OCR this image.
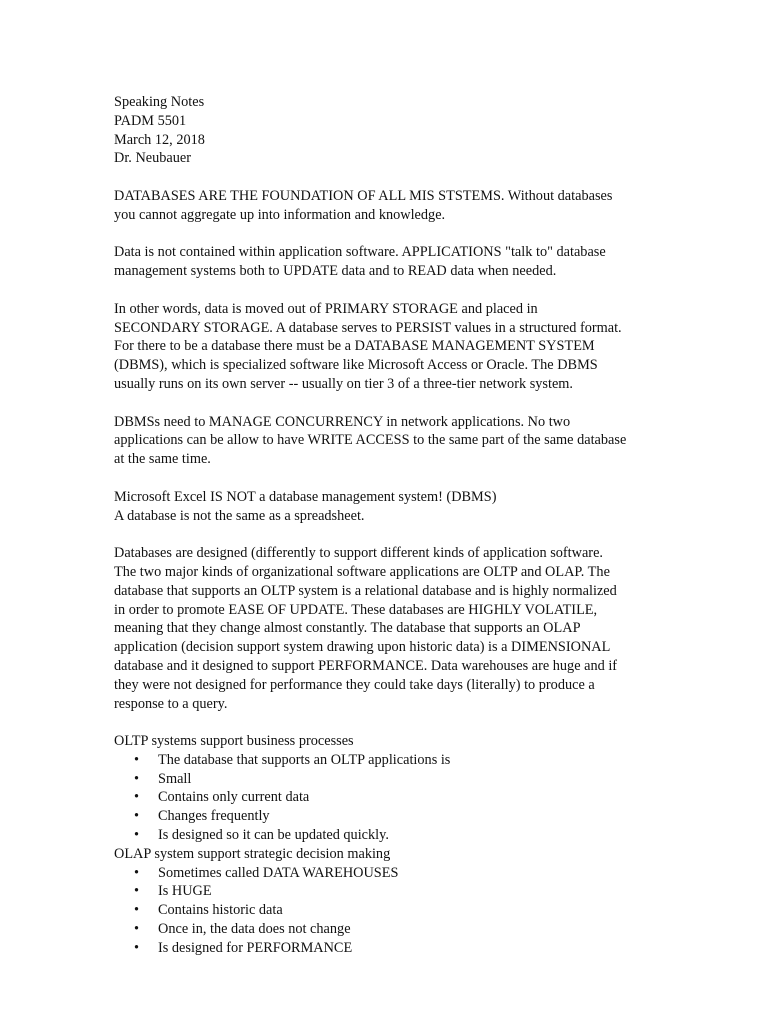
Speaking Notes
PADM 5501
March 12, 2018
Dr. Neubauer
DATABASES ARE THE FOUNDATION OF ALL MIS STSTEMS. Without databases
you cannot aggregate up into information and knowledge.
Data is not contained within application software. APPLICATIONS "talk to" database
management systems both to UPDATE data and to READ data when needed.
In other words, data is moved out of PRIMARY STORAGE and placed in
SECONDARY STORAGE. A database serves to PERSIST values in a structured format.
For there to be a database there must be a DATABASE MANAGEMENT SYSTEM
(DBMS), which is specialized software like Microsoft Access or Oracle. The DBMS
usually runs on its own server -- usually on tier 3 of a three-tier network system.
DBMSs need to MANAGE CONCURRENCY in network applications. No two
applications can be allow to have WRITE ACCESS to the same part of the same database
at the same time.
Microsoft Excel IS NOT a database management system! (DBMS)
A database is not the same as a spreadsheet.
Databases are designed (differently to support different kinds of application software.
The two major kinds of organizational software applications are OLTP and OLAP. The
database that supports an OLTP system is a relational database and is highly normalized
in order to promote EASE OF UPDATE. These databases are HIGHLY VOLATILE,
meaning that they change almost constantly. The database that supports an OLAP
application (decision support system drawing upon historic data) is a DIMENSIONAL
database and it designed to support PERFORMANCE. Data warehouses are huge and if
they were not designed for performance they could take days (literally) to produce a
response to a query.
OLTP systems support business processes
• The database that supports an OLTP applications is
• Small
• Contains only current data
• Changes frequently
• Is designed so it can be updated quickly.
OLAP system support strategic decision making
• Sometimes called DATA WAREHOUSES
• Is HUGE
• Contains historic data
• Once in, the data does not change
• Is designed for PERFORMANCE
